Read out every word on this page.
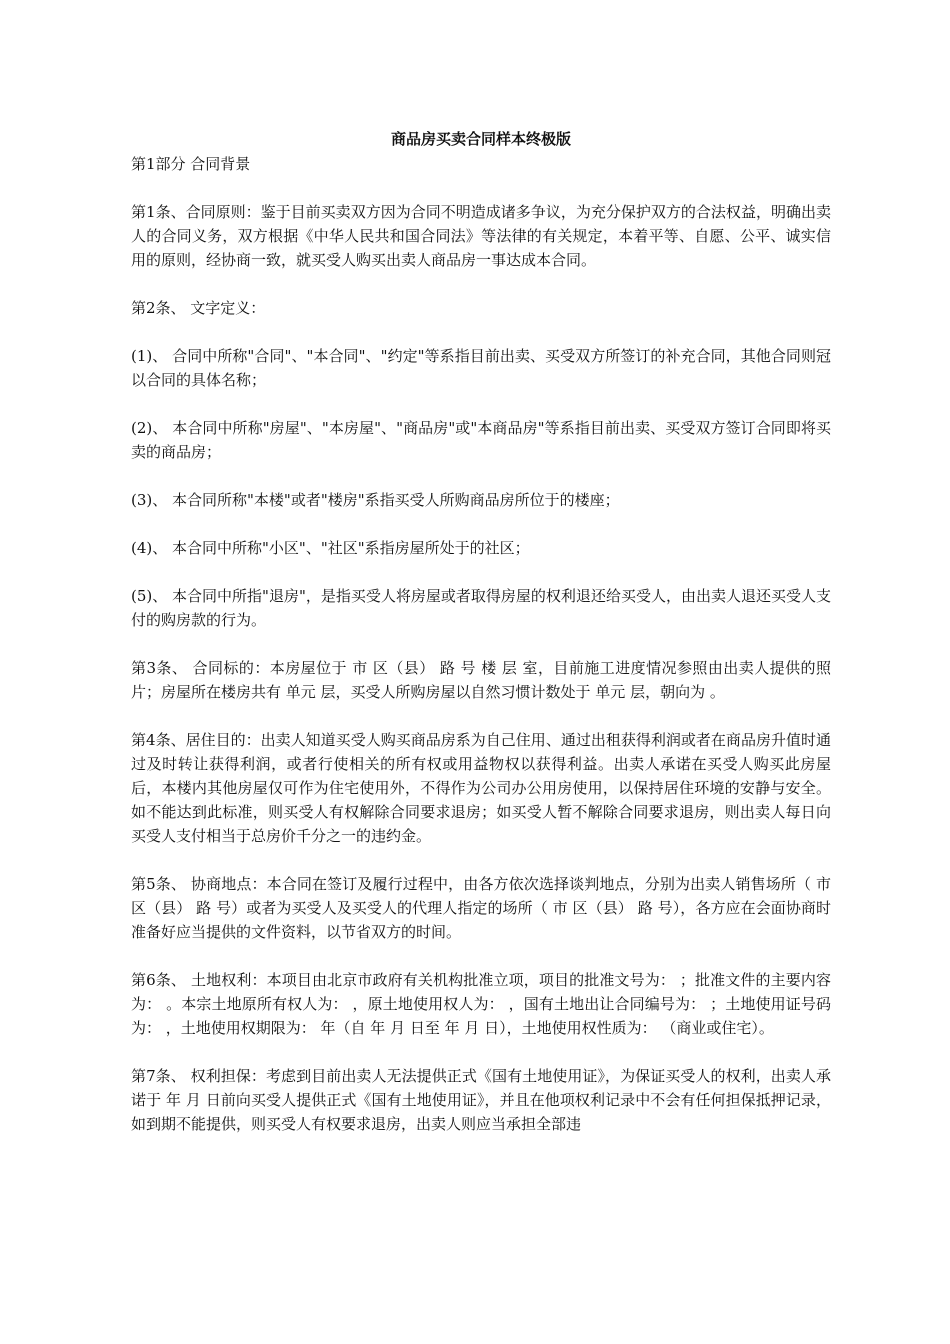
商品房买卖合同样本终极版
第1部分 合同背景
第1条、合同原则：鉴于目前买卖双方因为合同不明造成诸多争议，为充分保护双方的合法权益，明确出卖人的合同义务，双方根据《中华人民共和国合同法》等法律的有关规定，本着平等、自愿、公平、诚实信用的原则，经协商一致，就买受人购买出卖人商品房一事达成本合同。
第2条、 文字定义：
(1)、 合同中所称"合同"、"本合同"、"约定"等系指目前出卖、买受双方所签订的补充合同，其他合同则冠以合同的具体名称；
(2)、 本合同中所称"房屋"、"本房屋"、"商品房"或"本商品房"等系指目前出卖、买受双方签订合同即将买卖的商品房；
(3)、 本合同所称"本楼"或者"楼房"系指买受人所购商品房所位于的楼座；
(4)、 本合同中所称"小区"、"社区"系指房屋所处于的社区；
(5)、 本合同中所指"退房"，是指买受人将房屋或者取得房屋的权利退还给买受人，由出卖人退还买受人支付的购房款的行为。
第3条、 合同标的：本房屋位于 市 区（县） 路 号 楼 层 室，目前施工进度情况参照由出卖人提供的照片；房屋所在楼房共有 单元 层，买受人所购房屋以自然习惯计数处于 单元 层，朝向为 。
第4条、居住目的：出卖人知道买受人购买商品房系为自己住用、通过出租获得利润或者在商品房升值时通过及时转让获得利润，或者行使相关的所有权或用益物权以获得利益。出卖人承诺在买受人购买此房屋后，本楼内其他房屋仅可作为住宅使用外，不得作为公司办公用房使用，以保持居住环境的安静与安全。如不能达到此标准，则买受人有权解除合同要求退房；如买受人暂不解除合同要求退房，则出卖人每日向买受人支付相当于总房价千分之一的违约金。
第5条、 协商地点：本合同在签订及履行过程中，由各方依次选择谈判地点，分别为出卖人销售场所（ 市 区（县） 路 号）或者为买受人及买受人的代理人指定的场所（ 市 区（县） 路 号），各方应在会面协商时准备好应当提供的文件资料，以节省双方的时间。
第6条、 土地权利：本项目由北京市政府有关机构批准立项，项目的批准文号为： ；批准文件的主要内容为： 。本宗土地原所有权人为： ，原土地使用权人为： ，国有土地出让合同编号为： ；土地使用证号码为： ，土地使用权期限为： 年（自 年 月 日至 年 月 日），土地使用权性质为： （商业或住宅）。
第7条、 权利担保：考虑到目前出卖人无法提供正式《国有土地使用证》，为保证买受人的权利，出卖人承诺于 年 月 日前向买受人提供正式《国有土地使用证》，并且在他项权利记录中不会有任何担保抵押记录，如到期不能提供，则买受人有权要求退房，出卖人则应当承担全部违
